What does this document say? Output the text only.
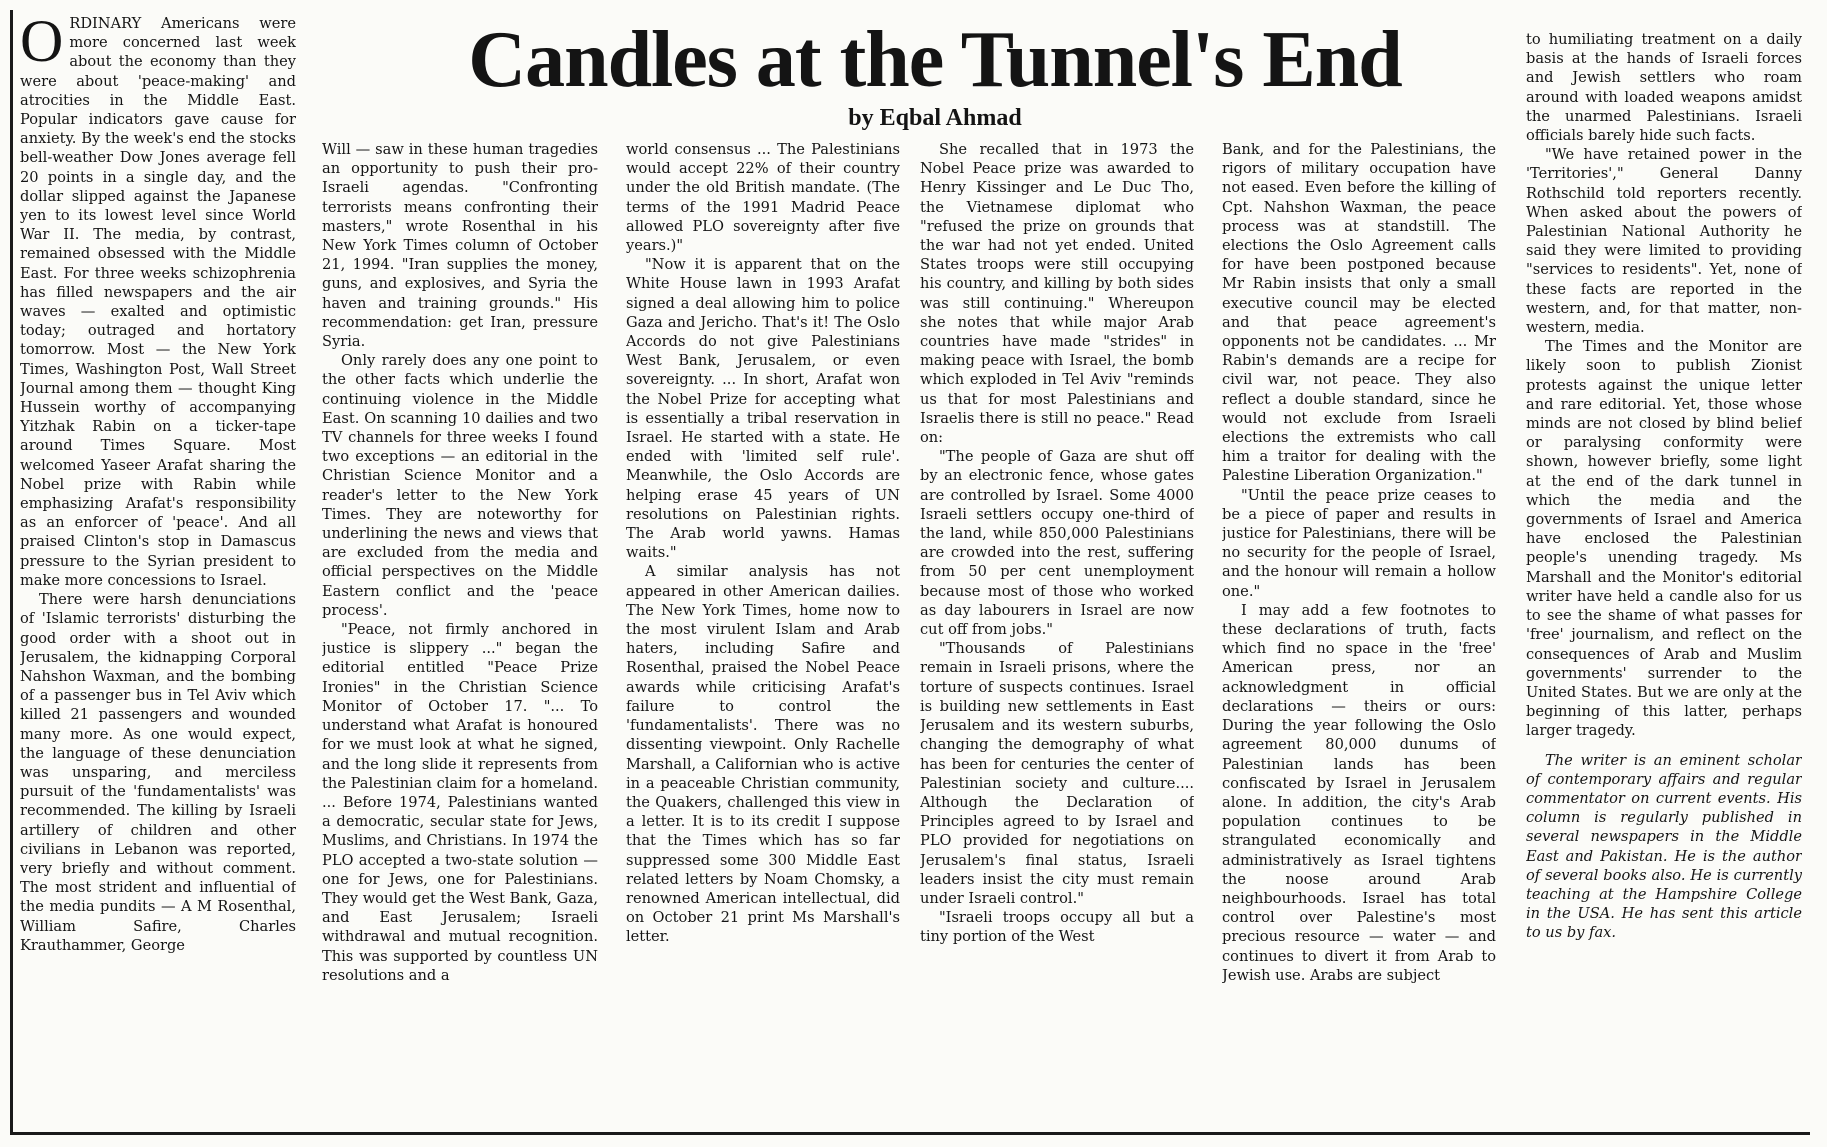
Candles at the Tunnel's End
by Eqbal Ahmad

ORDINARY Americans were more concerned last week about the economy than they were about 'peace-making' and atrocities in the Middle East. Popular indicators gave cause for anxiety. By the week's end the stocks bell-weather Dow Jones average fell 20 points in a single day, and the dollar slipped against the Japanese yen to its lowest level since World War II. The media, by contrast, remained obsessed with the Middle East. For three weeks schizophrenia has filled newspapers and the air waves — exalted and optimistic today; outraged and hortatory tomorrow. Most — the New York Times, Washington Post, Wall Street Journal among them — thought King Hussein worthy of accompanying Yitzhak Rabin on a ticker-tape around Times Square. Most welcomed Yaseer Arafat sharing the Nobel prize with Rabin while emphasizing Arafat's responsibility as an enforcer of 'peace'. And all praised Clinton's stop in Damascus pressure to the Syrian president to make more concessions to Israel.

There were harsh denunciations of 'Islamic terrorists' disturbing the good order with a shoot out in Jerusalem, the kidnapping Corporal Nahshon Waxman, and the bombing of a passenger bus in Tel Aviv which killed 21 passengers and wounded many more. As one would expect, the language of these denunciation was unsparing, and merciless pursuit of the 'fundamentalists' was recommended. The killing by Israeli artillery of children and other civilians in Lebanon was reported, very briefly and without comment. The most strident and influential of the media pundits — A M Rosenthal, William Safire, Charles Krauthammer, George

Will — saw in these human tragedies an opportunity to push their pro-Israeli agendas. "Confronting terrorists means confronting their masters," wrote Rosenthal in his New York Times column of October 21, 1994. "Iran supplies the money, guns, and explosives, and Syria the haven and training grounds." His recommendation: get Iran, pressure Syria.

Only rarely does any one point to the other facts which underlie the continuing violence in the Middle East. On scanning 10 dailies and two TV channels for three weeks I found two exceptions — an editorial in the Christian Science Monitor and a reader's letter to the New York Times. They are noteworthy for underlining the news and views that are excluded from the media and official perspectives on the Middle Eastern conflict and the 'peace process'.

"Peace, not firmly anchored in justice is slippery ..." began the editorial entitled "Peace Prize Ironies" in the Christian Science Monitor of October 17. "... To understand what Arafat is honoured for we must look at what he signed, and the long slide it represents from the Palestinian claim for a homeland. ... Before 1974, Palestinians wanted a democratic, secular state for Jews, Muslims, and Christians. In 1974 the PLO accepted a two-state solution — one for Jews, one for Palestinians. They would get the West Bank, Gaza, and East Jerusalem; Israeli withdrawal and mutual recognition. This was supported by countless UN resolutions and a

world consensus ... The Palestinians would accept 22% of their country under the old British mandate. (The terms of the 1991 Madrid Peace allowed PLO sovereignty after five years.)"

"Now it is apparent that on the White House lawn in 1993 Arafat signed a deal allowing him to police Gaza and Jericho. That's it! The Oslo Accords do not give Palestinians West Bank, Jerusalem, or even sovereignty. ... In short, Arafat won the Nobel Prize for accepting what is essentially a tribal reservation in Israel. He started with a state. He ended with 'limited self rule'. Meanwhile, the Oslo Accords are helping erase 45 years of UN resolutions on Palestinian rights. The Arab world yawns. Hamas waits."

A similar analysis has not appeared in other American dailies. The New York Times, home now to the most virulent Islam and Arab haters, including Safire and Rosenthal, praised the Nobel Peace awards while criticising Arafat's failure to control the 'fundamentalists'. There was no dissenting viewpoint. Only Rachelle Marshall, a Californian who is active in a peaceable Christian community, the Quakers, challenged this view in a letter. It is to its credit I suppose that the Times which has so far suppressed some 300 Middle East related letters by Noam Chomsky, a renowned American intellectual, did on October 21 print Ms Marshall's letter.

She recalled that in 1973 the Nobel Peace prize was awarded to Henry Kissinger and Le Duc Tho, the Vietnamese diplomat who "refused the prize on grounds that the war had not yet ended. United States troops were still occupying his country, and killing by both sides was still continuing." Whereupon she notes that while major Arab countries have made "strides" in making peace with Israel, the bomb which exploded in Tel Aviv "reminds us that for most Palestinians and Israelis there is still no peace." Read on:

"The people of Gaza are shut off by an electronic fence, whose gates are controlled by Israel. Some 4000 Israeli settlers occupy one-third of the land, while 850,000 Palestinians are crowded into the rest, suffering from 50 per cent unemployment because most of those who worked as day labourers in Israel are now cut off from jobs."

"Thousands of Palestinians remain in Israeli prisons, where the torture of suspects continues. Israel is building new settlements in East Jerusalem and its western suburbs, changing the demography of what has been for centuries the center of Palestinian society and culture.... Although the Declaration of Principles agreed to by Israel and PLO provided for negotiations on Jerusalem's final status, Israeli leaders insist the city must remain under Israeli control."

"Israeli troops occupy all but a tiny portion of the West

Bank, and for the Palestinians, the rigors of military occupation have not eased. Even before the killing of Cpt. Nahshon Waxman, the peace process was at standstill. The elections the Oslo Agreement calls for have been postponed because Mr Rabin insists that only a small executive council may be elected and that peace agreement's opponents not be candidates. ... Mr Rabin's demands are a recipe for civil war, not peace. They also reflect a double standard, since he would not exclude from Israeli elections the extremists who call him a traitor for dealing with the Palestine Liberation Organization."

"Until the peace prize ceases to be a piece of paper and results in justice for Palestinians, there will be no security for the people of Israel, and the honour will remain a hollow one."

I may add a few footnotes to these declarations of truth, facts which find no space in the 'free' American press, nor an acknowledgment in official declarations — theirs or ours: During the year following the Oslo agreement 80,000 dunums of Palestinian lands has been confiscated by Israel in Jerusalem alone. In addition, the city's Arab population continues to be strangulated economically and administratively as Israel tightens the noose around Arab neighbourhoods. Israel has total control over Palestine's most precious resource — water — and continues to divert it from Arab to Jewish use. Arabs are subject

to humiliating treatment on a daily basis at the hands of Israeli forces and Jewish settlers who roam around with loaded weapons amidst the unarmed Palestinians. Israeli officials barely hide such facts.

"We have retained power in the 'Territories'," General Danny Rothschild told reporters recently. When asked about the powers of Palestinian National Authority he said they were limited to providing "services to residents". Yet, none of these facts are reported in the western, and, for that matter, non-western, media.

The Times and the Monitor are likely soon to publish Zionist protests against the unique letter and rare editorial. Yet, those whose minds are not closed by blind belief or paralysing conformity were shown, however briefly, some light at the end of the dark tunnel in which the media and the governments of Israel and America have enclosed the Palestinian people's unending tragedy. Ms Marshall and the Monitor's editorial writer have held a candle also for us to see the shame of what passes for 'free' journalism, and reflect on the consequences of Arab and Muslim governments' surrender to the United States. But we are only at the beginning of this latter, perhaps larger tragedy.

The writer is an eminent scholar of contemporary affairs and regular commentator on current events. His column is regularly published in several newspapers in the Middle East and Pakistan. He is the author of several books also. He is currently teaching at the Hampshire College in the USA. He has sent this article to us by fax.
